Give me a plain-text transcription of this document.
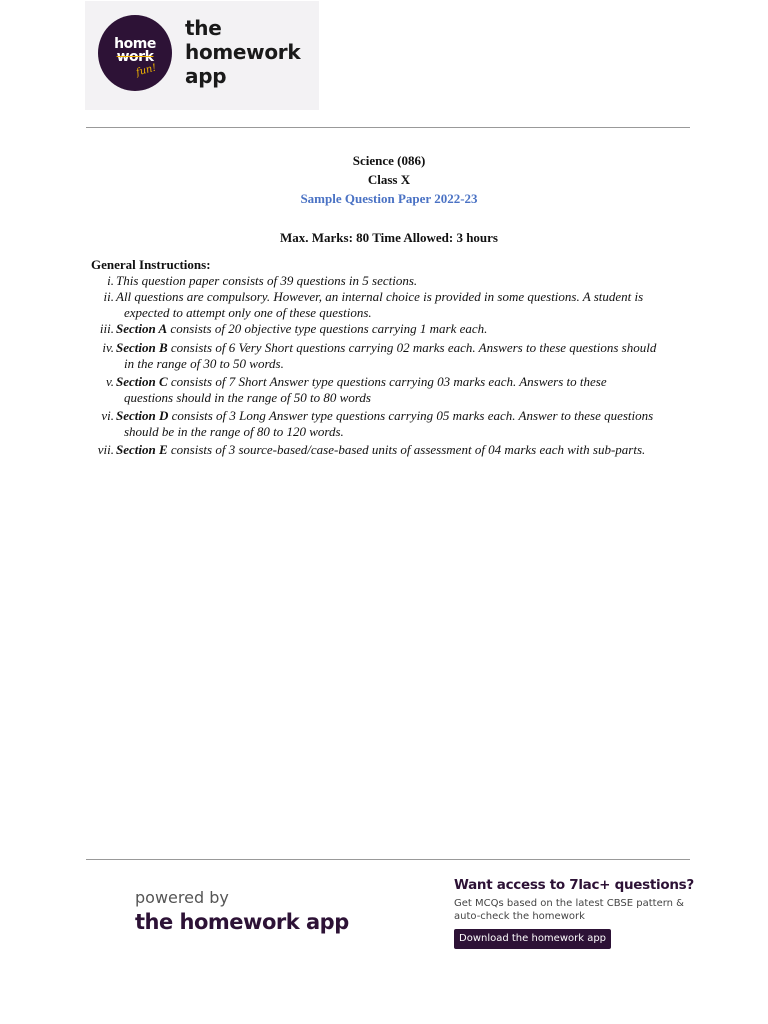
home
work
fun!
the
homework
app
Science (086)
Class X
Sample Question Paper 2022-23
Max. Marks: 80 Time Allowed: 3 hours
General Instructions:
i. This question paper consists of 39 questions in 5 sections.
ii. All questions are compulsory. However, an internal choice is provided in some questions. A student is
expected to attempt only one of these questions.
iii. Section A consists of 20 objective type questions carrying 1 mark each.
iv. Section B consists of 6 Very Short questions carrying 02 marks each. Answers to these questions should
in the range of 30 to 50 words.
v. Section C consists of 7 Short Answer type questions carrying 03 marks each. Answers to these
questions should in the range of 50 to 80 words
vi. Section D consists of 3 Long Answer type questions carrying 05 marks each. Answer to these questions
should be in the range of 80 to 120 words.
vii. Section E consists of 3 source-based/case-based units of assessment of 04 marks each with sub-parts.
powered by
the homework app
Want access to 7lac+ questions?
Get MCQs based on the latest CBSE pattern & auto-check the homework
Download the homework app
